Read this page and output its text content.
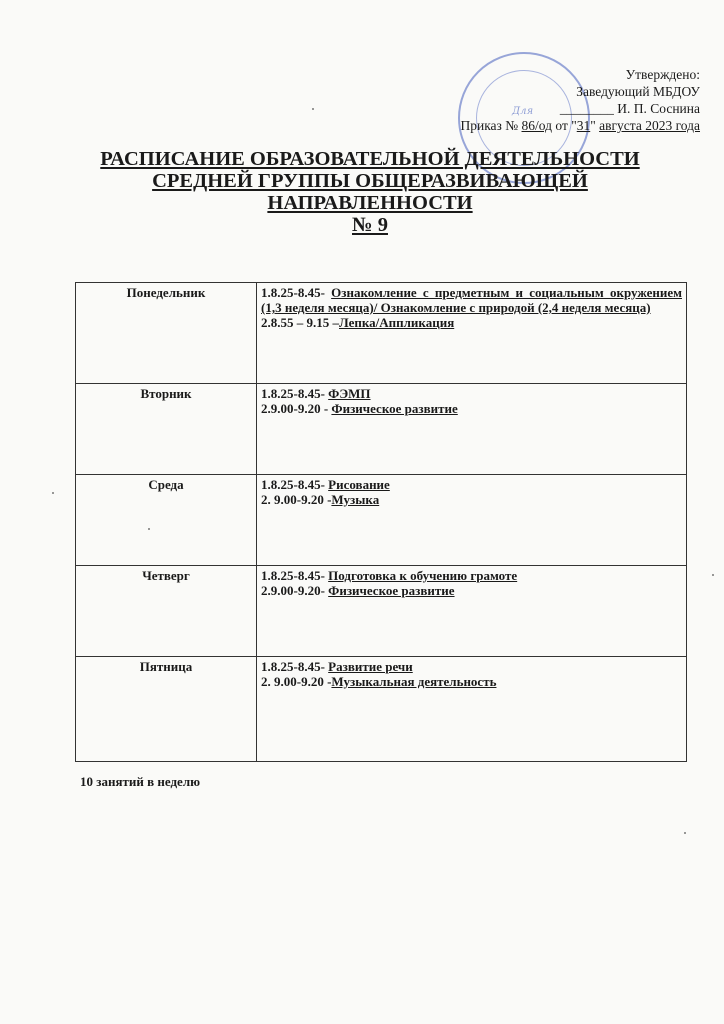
Для
Утверждено:
Заведующий МБДОУ
________ И. П. Соснина
Приказ № 86/од от "31" августа 2023 года
РАСПИСАНИЕ ОБРАЗОВАТЕЛЬНОЙ ДЕЯТЕЛЬНОСТИ
СРЕДНЕЙ ГРУППЫ ОБЩЕРАЗВИВАЮЩЕЙ
НАПРАВЛЕННОСТИ
№ 9
Понедельник	1.8.25-8.45- Ознакомление с предметным и социальным окружением (1,3 неделя месяца)/ Ознакомление с природой (2,4 неделя месяца)
2.8.55 – 9.15 –Лепка/Аппликация

Вторник	1.8.25-8.45- ФЭМП
2.9.00-9.20 - Физическое развитие

Среда	1.8.25-8.45- Рисование
2. 9.00-9.20 -Музыка

Четверг	1.8.25-8.45- Подготовка к обучению грамоте
2.9.00-9.20- Физическое развитие

Пятница	1.8.25-8.45- Развитие речи
2. 9.00-9.20 -Музыкальная деятельность
10 занятий в неделю
